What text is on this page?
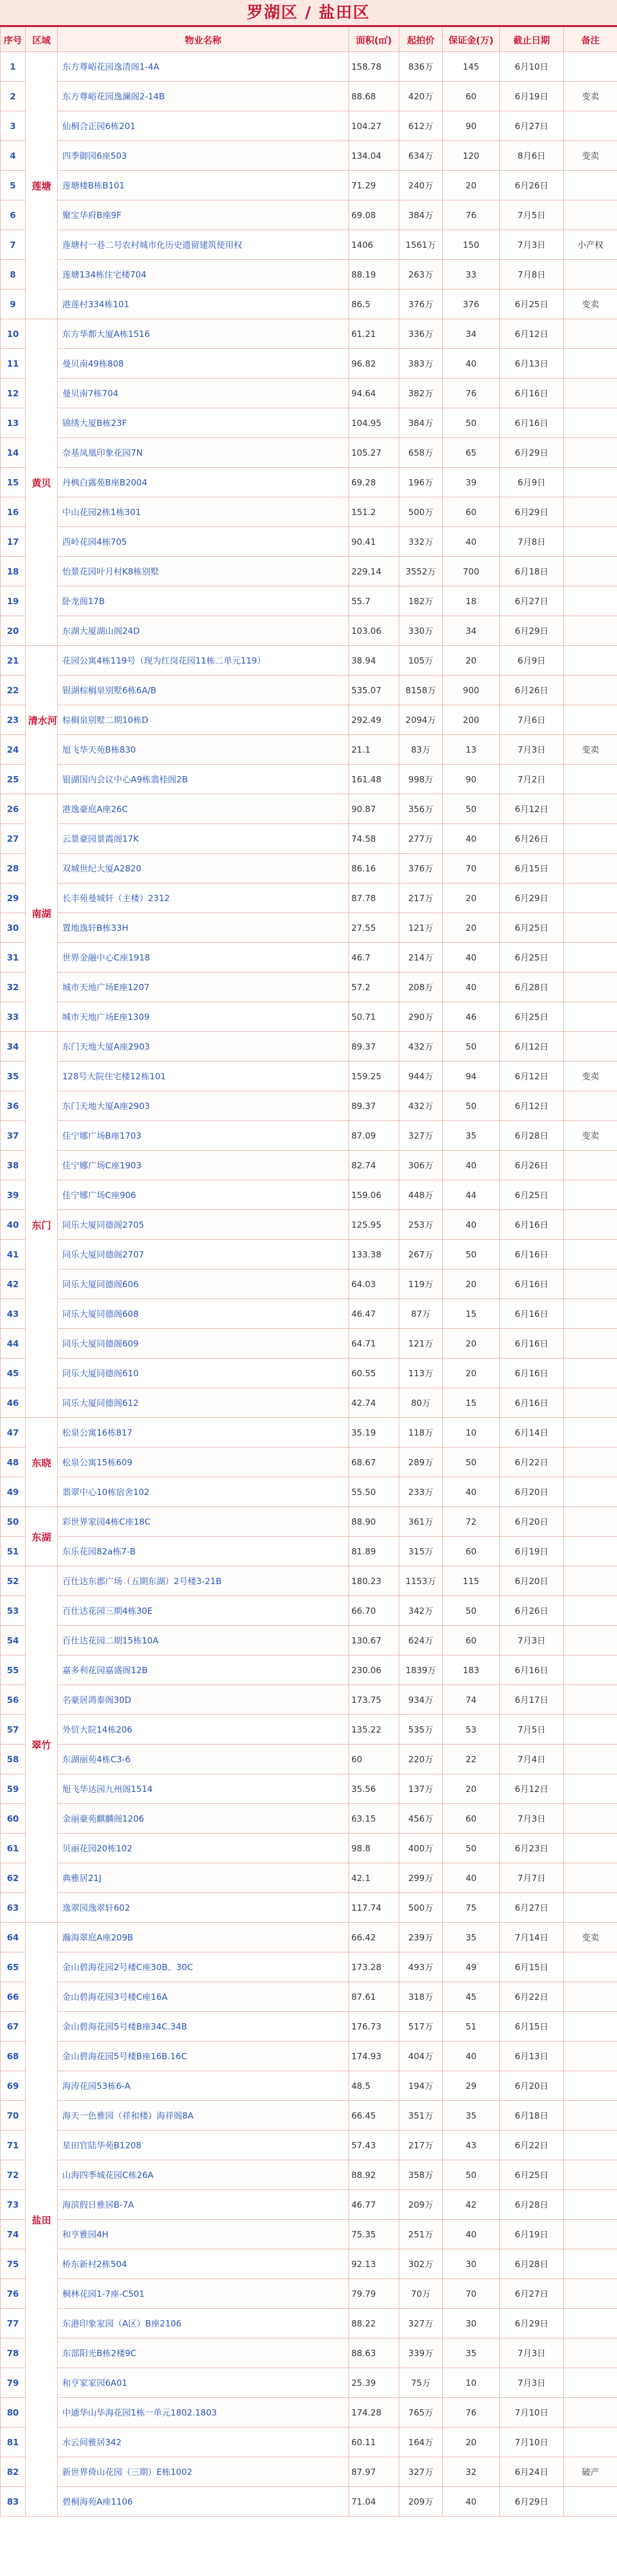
罗湖区 / 盐田区
序号	区域	物业名称	面积(㎡)	起拍价	保证金(万)	截止日期	备注
1	莲塘	东方尊峪花园逸清阁1-4A	158.78	836万	145	6月10日	
2		东方尊峪花园逸澜阁2-14B	88.68	420万	60	6月19日	变卖
3		仙桐合正园6栋201	104.27	612万	90	6月27日	
4		四季御园6座503	134.04	634万	120	8月6日	变卖
5		莲塘楼B栋B101	71.29	240万	20	6月26日	
6		聚宝华府B座9F	69.08	384万	76	7月5日	
7		莲塘村一巷二号农村城市化历史遗留建筑使用权	1406	1561万	150	7月3日	小产权
8		莲塘134栋住宅楼704	88.19	263万	33	7月8日	
9		港莲村334栋101	86.5	376万	376	6月25日	变卖
10	黄贝	东方华都大厦A栋1516	61.21	336万	34	6月12日	
11		曼贝南49栋808	96.82	383万	40	6月13日	
12		曼贝南7栋704	94.64	382万	76	6月16日	
13		锦绣大厦B栋23F	104.95	384万	50	6月16日	
14		奈基凤凰印象花园7N	105.27	658万	65	6月29日	
15		丹枫白露苑B座B2004	69.28	196万	39	6月9日	
16		中山花园2栋1栋301	151.2	500万	60	6月29日	
17		西岭花园4栋705	90.41	332万	40	7月8日	
18		怡景花园叶月村K8栋别墅	229.14	3552万	700	6月18日	
19		卧龙阁17B	55.7	182万	18	6月27日	
20		东湖大厦湖山阁24D	103.06	330万	34	6月29日	
21	清水河	花园公寓4栋119号（现为红岗花园11栋二单元119）	38.94	105万	20	6月9日	
22		银湖棕榈泉别墅6栋6A/B	535.07	8158万	900	6月26日	
23		棕榈泉别墅二期10栋D	292.49	2094万	200	7月6日	
24		旭飞华天苑B栋830	21.1	83万	13	7月3日	变卖
25		银湖国内会议中心A9栋翡桂阁2B	161.48	998万	90	7月2日	
26	南湖	港逸豪庭A座26C	90.87	356万	50	6月12日	
27		云景豪园景霞阁17K	74.58	277万	40	6月26日	
28		双城世纪大厦A2820	86.16	376万	70	6月15日	
29		长丰苑曼城轩（主楼）2312	87.78	217万	20	6月29日	
30		置地逸轩B栋33H	27.55	121万	20	6月25日	
31		世界金融中心C座1918	46.7	214万	40	6月25日	
32		城市天地广场E座1207	57.2	208万	40	6月28日	
33		城市天地广场E座1309	50.71	290万	46	6月25日	
34	东门	东门天地大厦A座2903	89.37	432万	50	6月12日	
35		128号大院住宅楼12栋101	159.25	944万	94	6月12日	变卖
36		东门天地大厦A座2903	89.37	432万	50	6月12日	
37		佳宁娜广场B座1703	87.09	327万	35	6月28日	变卖
38		佳宁娜广场C座1903	82.74	306万	40	6月26日	
39		佳宁娜广场C座906	159.06	448万	44	6月25日	
40		同乐大厦同德阁2705	125.95	253万	40	6月16日	
41		同乐大厦同德阁2707	133.38	267万	50	6月16日	
42		同乐大厦同德阁606	64.03	119万	20	6月16日	
43		同乐大厦同德阁608	46.47	87万	15	6月16日	
44		同乐大厦同德阁609	64.71	121万	20	6月16日	
45		同乐大厦同德阁610	60.55	113万	20	6月16日	
46		同乐大厦同德阁612	42.74	80万	15	6月16日	
47	东晓	松泉公寓16栋817	35.19	118万	10	6月14日	
48		松泉公寓15栋609	68.67	289万	50	6月22日	
49		翡翠中心10栋宿舍102	55.50	233万	40	6月20日	
50	东湖	彩世界家园4栋C座18C	88.90	361万	72	6月20日	
51		东乐花园82a栋7-B	81.89	315万	60	6月19日	
52	翠竹	百仕达东郡广场（五期东湖）2号楼3-21B	180.23	1153万	115	6月20日	
53		百仕达花园三期4栋30E	66.70	342万	50	6月26日	
54		百仕达花园二期15栋10A	130.67	624万	60	7月3日	
55		嘉多利花园嘉盛阁12B	230.06	1839万	183	6月16日	
56		名豪居鸿泰阁30D	173.75	934万	74	6月17日	
57		外贸大院14栋206	135.22	535万	53	7月5日	
58		东湖丽苑4栋C3-6	60	220万	22	7月4日	
59		旭飞华达园九州阁1514	35.56	137万	20	6月12日	
60		金丽豪苑麒麟阁1206	63.15	456万	60	7月3日	
61		贝丽花园20栋102	98.8	400万	50	6月23日	
62		典雅居21J	42.1	299万	40	7月7日	
63		逸翠园逸翠轩602	117.74	500万	75	6月27日	
64	盐田	瀚海翠庭A座209B	66.42	239万	35	7月14日	变卖
65		金山碧海花园2号楼C座30B、30C	173.28	493万	49	6月15日	
66		金山碧海花园3号楼C座16A	87.61	318万	45	6月22日	
67		金山碧海花园5号楼B座34C.34B	176.73	517万	51	6月15日	
68		金山碧海花园5号楼B座16B.16C	174.93	404万	40	6月13日	
69		海涛花园53栋6-A	48.5	194万	29	6月20日	
70		海天一色雅园（祥和楼）海祥阁8A	66.45	351万	35	6月18日	
71		星田官陆华苑B1208	57.43	217万	43	6月22日	
72		山海四季城花园C栋26A	88.92	358万	50	6月25日	
73		海滨假日雅居B-7A	46.77	209万	42	6月28日	
74		和亨雅园4H	75.35	251万	40	6月19日	
75		桥东新村2栋504	92.13	302万	30	6月28日	
76		桐林花园1-7座-C501	79.79	70万	70	6月27日	
77		东港印象家园（A区）B座2106	88.22	327万	30	6月29日	
78		东部阳光B栋2楼9C	88.63	339万	35	7月3日	
79		和亨家家园6A01	25.39	75万	10	7月3日	
80		中通华山华海花园1栋一单元1802.1803	174.28	765万	76	7月10日	
81		水云间雅居342	60.11	164万	20	7月10日	
82		新世界倚山花园（三期）E栋1002	87.97	327万	32	6月24日	破产
83		碧桐海苑A座1106	71.04	209万	40	6月29日	
